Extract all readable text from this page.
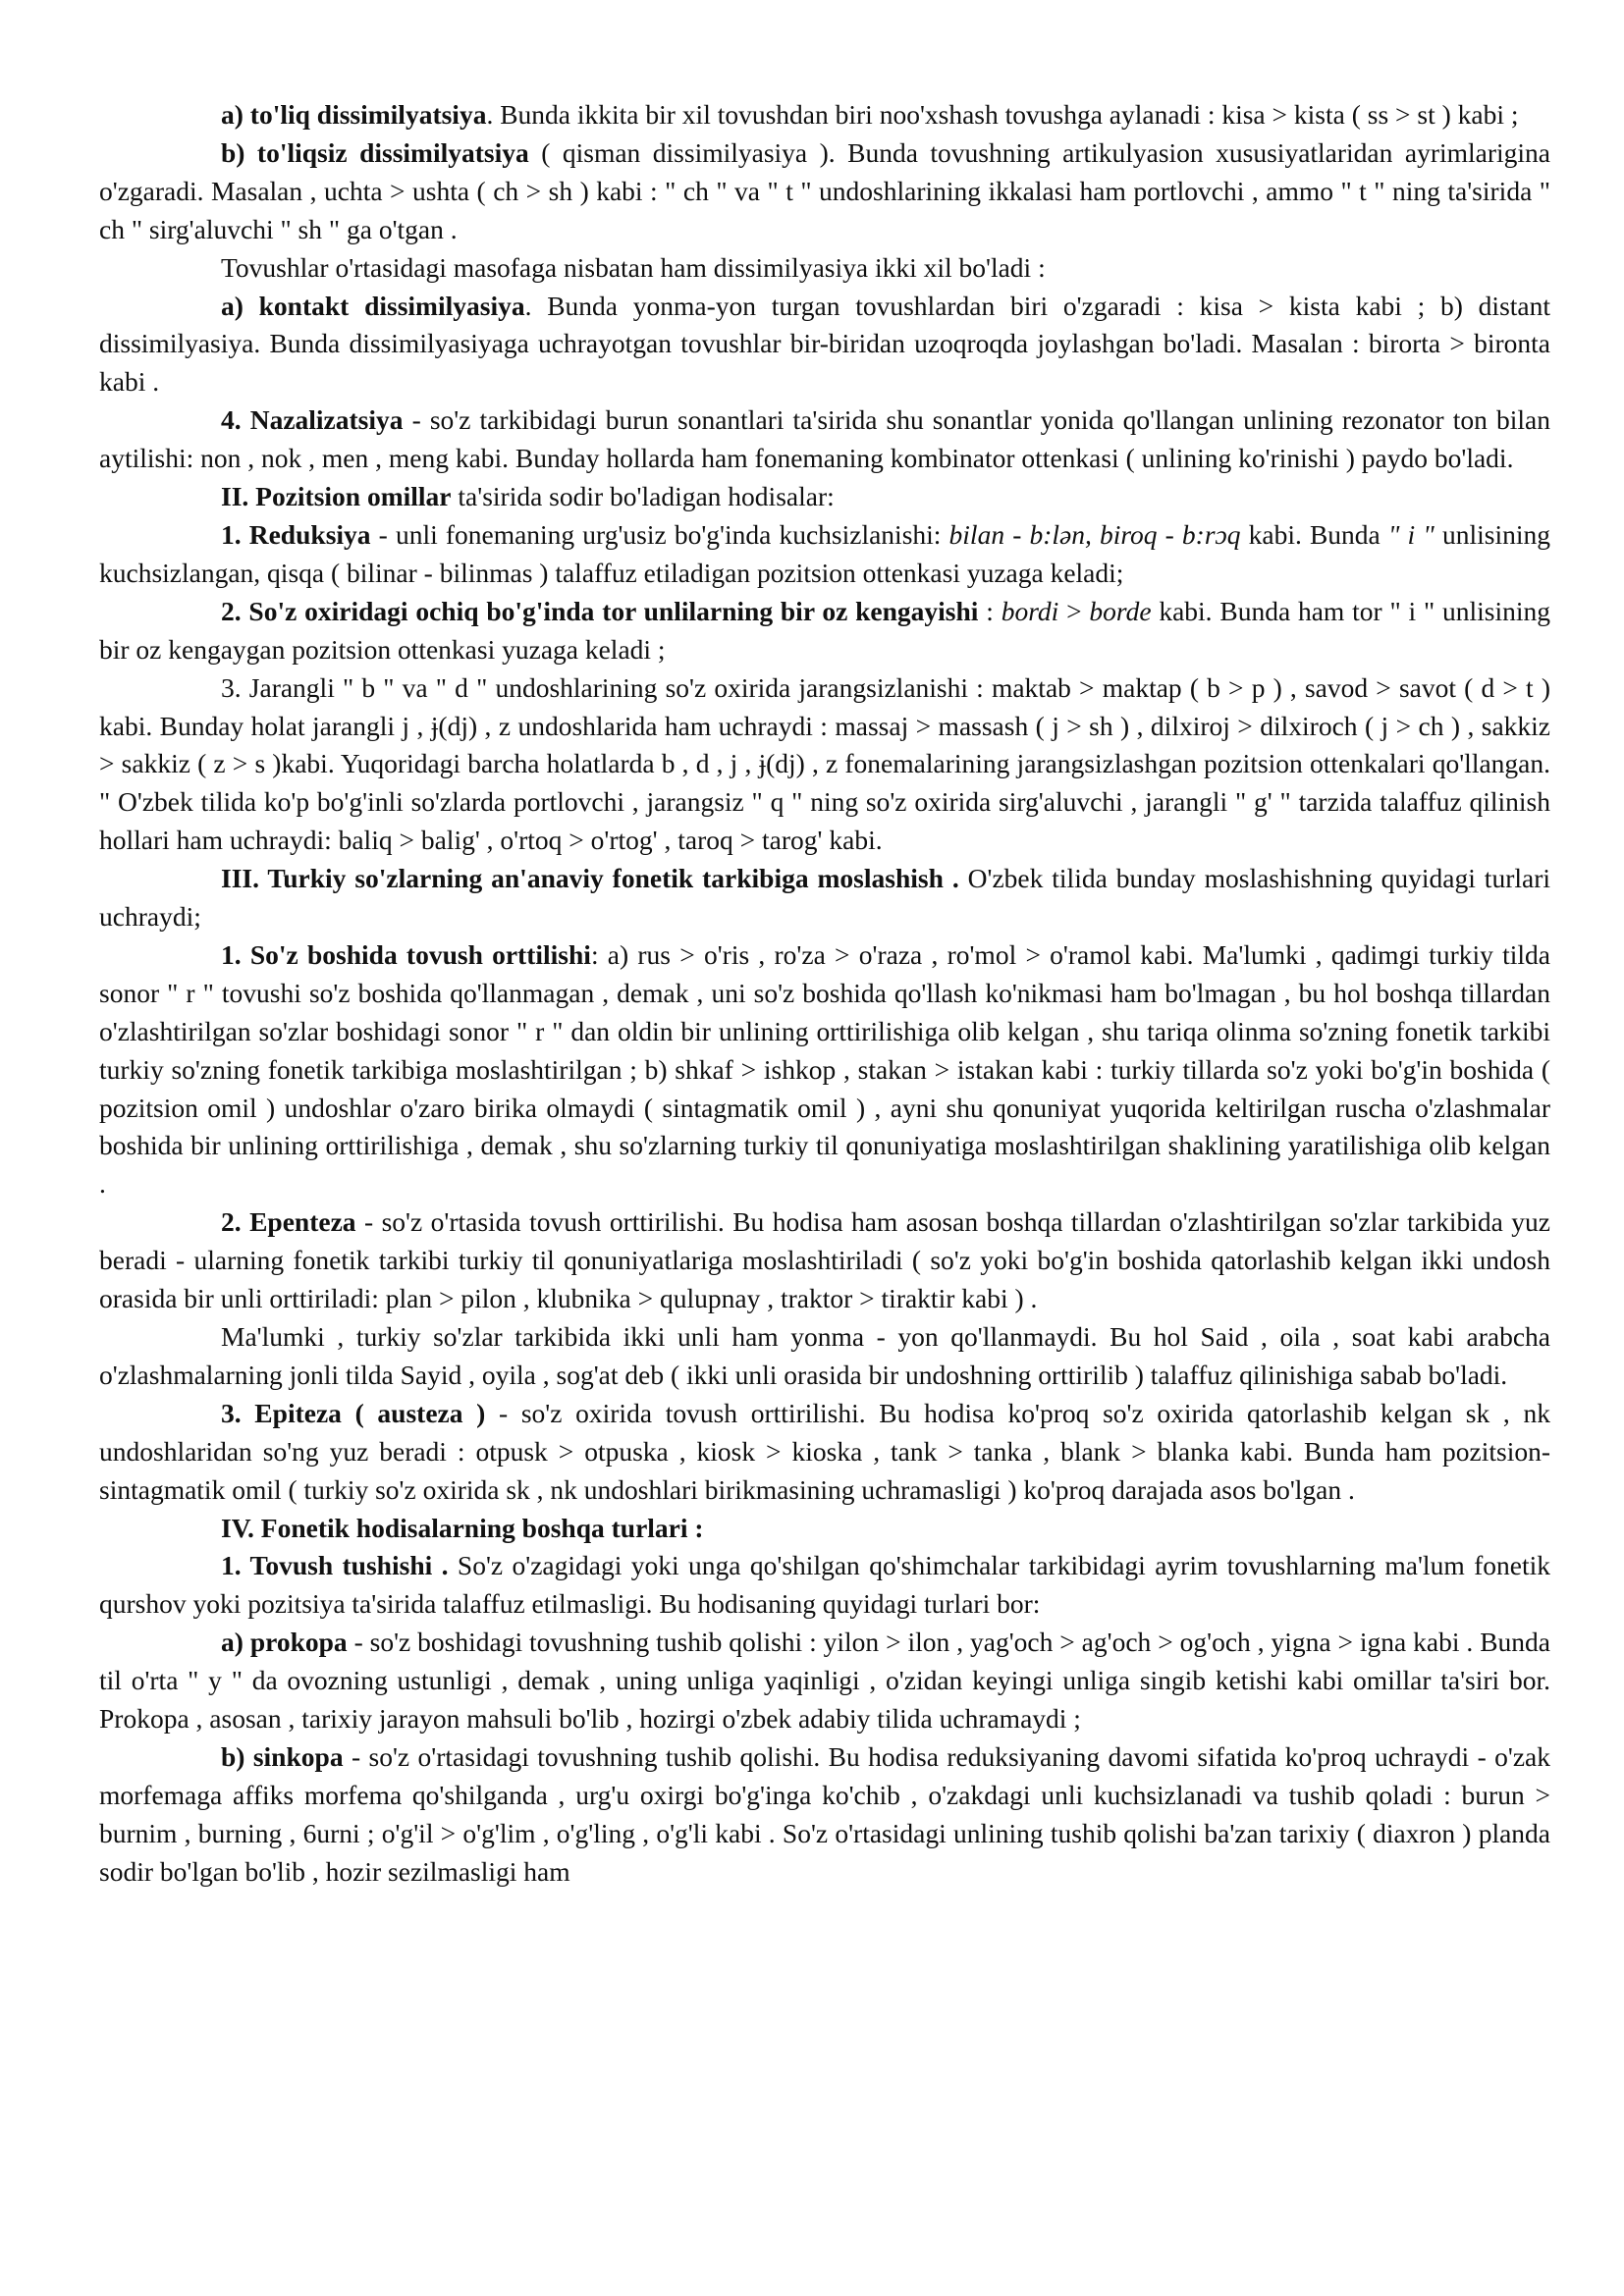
a) to'liq dissimilyatsiya. Bunda ikkita bir xil tovushdan biri noo'xshash tovushga aylanadi : kisa > kista ( ss > st ) kabi ;

b) to'liqsiz dissimilyatsiya ( qisman dissimilyasiya ). Bunda tovushning artikulyasion xususiyatlaridan ayrimlarigina o'zgaradi. Masalan , uchta > ushta ( ch > sh ) kabi : " ch " va " t " undoshlarining ikkalasi ham portlovchi , ammo " t " ning ta'sirida " ch " sirg'aluvchi " sh " ga o'tgan .

Tovushlar o'rtasidagi masofaga nisbatan ham dissimilyasiya ikki xil bo'ladi :

a) kontakt dissimilyasiya. Bunda yonma-yon turgan tovushlardan biri o'zgaradi : kisa > kista kabi ; b) distant dissimilyasiya. Bunda dissimilyasiyaga uchrayotgan tovushlar bir-biridan uzoqroqda joylashgan bo'ladi. Masalan : birorta > bironta kabi .

4. Nazalizatsiya - so'z tarkibidagi burun sonantlari ta'sirida shu sonantlar yonida qo'llangan unlining rezonator ton bilan aytilishi: non , nok , men , meng kabi. Bunday hollarda ham fonemaning kombinator ottenkasi ( unlining ko'rinishi ) paydo bo'ladi.

II. Pozitsion omillar ta'sirida sodir bo'ladigan hodisalar:

1. Reduksiya - unli fonemaning urg'usiz bo'g'inda kuchsizlanishi: bilan - b:lən, biroq - b:rɔq kabi. Bunda " i " unlisining kuchsizlangan, qisqa ( bilinar - bilinmas ) talaffuz etiladigan pozitsion ottenkasi yuzaga keladi;

2. So'z oxiridagi ochiq bo'g'inda tor unlilarning bir oz kengayishi : bordi > borde kabi. Bunda ham tor " i " unlisining bir oz kengaygan pozitsion ottenkasi yuzaga keladi ;

3. Jarangli " b " va " d " undoshlarining so'z oxirida jarangsizlanishi : maktab > maktap ( b > p ) , savod > savot ( d > t ) kabi. Bunday holat jarangli j , ɉ(dj) , z undoshlarida ham uchraydi : massaj > massash ( j > sh ) , dilxiroj > dilxiroch ( j > ch ) , sakkiz > sakkiz ( z > s )kabi. Yuqoridagi barcha holatlarda b , d , j , ɉ(dj) , z fonemalarining jarangsizlashgan pozitsion ottenkalari qo'llangan. " O'zbek tilida ko'p bo'g'inli so'zlarda portlovchi , jarangsiz " q " ning so'z oxirida sirg'aluvchi , jarangli " g' " tarzida talaffuz qilinish hollari ham uchraydi: baliq > balig' , o'rtoq > o'rtog' , taroq > tarog' kabi.

III. Turkiy so'zlarning an'anaviy fonetik tarkibiga moslashish . O'zbek tilida bunday moslashishning quyidagi turlari uchraydi;

1. So'z boshida tovush orttilishi: a) rus > o'ris , ro'za > o'raza , ro'mol > o'ramol kabi. Ma'lumki , qadimgi turkiy tilda sonor " r " tovushi so'z boshida qo'llanmagan , demak , uni so'z boshida qo'llash ko'nikmasi ham bo'lmagan , bu hol boshqa tillardan o'zlashtirilgan so'zlar boshidagi sonor " r " dan oldin bir unlining orttirilishiga olib kelgan , shu tariqa olinma so'zning fonetik tarkibi turkiy so'zning fonetik tarkibiga moslashtirilgan ; b) shkaf > ishkop , stakan > istakan kabi : turkiy tillarda so'z yoki bo'g'in boshida ( pozitsion omil ) undoshlar o'zaro birika olmaydi ( sintagmatik omil ) , ayni shu qonuniyat yuqorida keltirilgan ruscha o'zlashmalar boshida bir unlining orttirilishiga , demak , shu so'zlarning turkiy til qonuniyatiga moslashtirilgan shaklining yaratilishiga olib kelgan .

2. Epenteza - so'z o'rtasida tovush orttirilishi. Bu hodisa ham asosan boshqa tillardan o'zlashtirilgan so'zlar tarkibida yuz beradi - ularning fonetik tarkibi turkiy til qonuniyatlariga moslashtiriladi ( so'z yoki bo'g'in boshida qatorlashib kelgan ikki undosh orasida bir unli orttiriladi: plan > pilon , klubnika > qulupnay , traktor > tiraktir kabi ) .

Ma'lumki , turkiy so'zlar tarkibida ikki unli ham yonma - yon qo'llanmaydi. Bu hol Said , oila , soat kabi arabcha o'zlashmalarning jonli tilda Sayid , oyila , sog'at deb ( ikki unli orasida bir undoshning orttirilib ) talaffuz qilinishiga sabab bo'ladi.

3. Epiteza ( austeza ) - so'z oxirida tovush orttirilishi. Bu hodisa ko'proq so'z oxirida qatorlashib kelgan sk , nk undoshlaridan so'ng yuz beradi : otpusk > otpuska , kiosk > kioska , tank > tanka , blank > blanka kabi. Bunda ham pozitsion-sintagmatik omil ( turkiy so'z oxirida sk , nk undoshlari birikmasining uchramasligi ) ko'proq darajada asos bo'lgan .

IV. Fonetik hodisalarning boshqa turlari :

1. Tovush tushishi . So'z o'zagidagi yoki unga qo'shilgan qo'shimchalar tarkibidagi ayrim tovushlarning ma'lum fonetik qurshov yoki pozitsiya ta'sirida talaffuz etilmasligi. Bu hodisaning quyidagi turlari bor:

a) prokopa - so'z boshidagi tovushning tushib qolishi : yilon > ilon , yag'och > ag'och > og'och , yigna > igna kabi . Bunda til o'rta " y " da ovozning ustunligi , demak , uning unliga yaqinligi , o'zidan keyingi unliga singib ketishi kabi omillar ta'siri bor. Prokopa , asosan , tarixiy jarayon mahsuli bo'lib , hozirgi o'zbek adabiy tilida uchramaydi ;

b) sinkopa - so'z o'rtasidagi tovushning tushib qolishi. Bu hodisa reduksiyaning davomi sifatida ko'proq uchraydi - o'zak morfemaga affiks morfema qo'shilganda , urg'u oxirgi bo'g'inga ko'chib , o'zakdagi unli kuchsizlanadi va tushib qoladi : burun > burnim , burning , 6urni ; o'g'il > o'g'lim , o'g'ling , o'g'li kabi . So'z o'rtasidagi unlining tushib qolishi ba'zan tarixiy ( diaxron ) planda sodir bo'lgan bo'lib , hozir sezilmasligi ham
